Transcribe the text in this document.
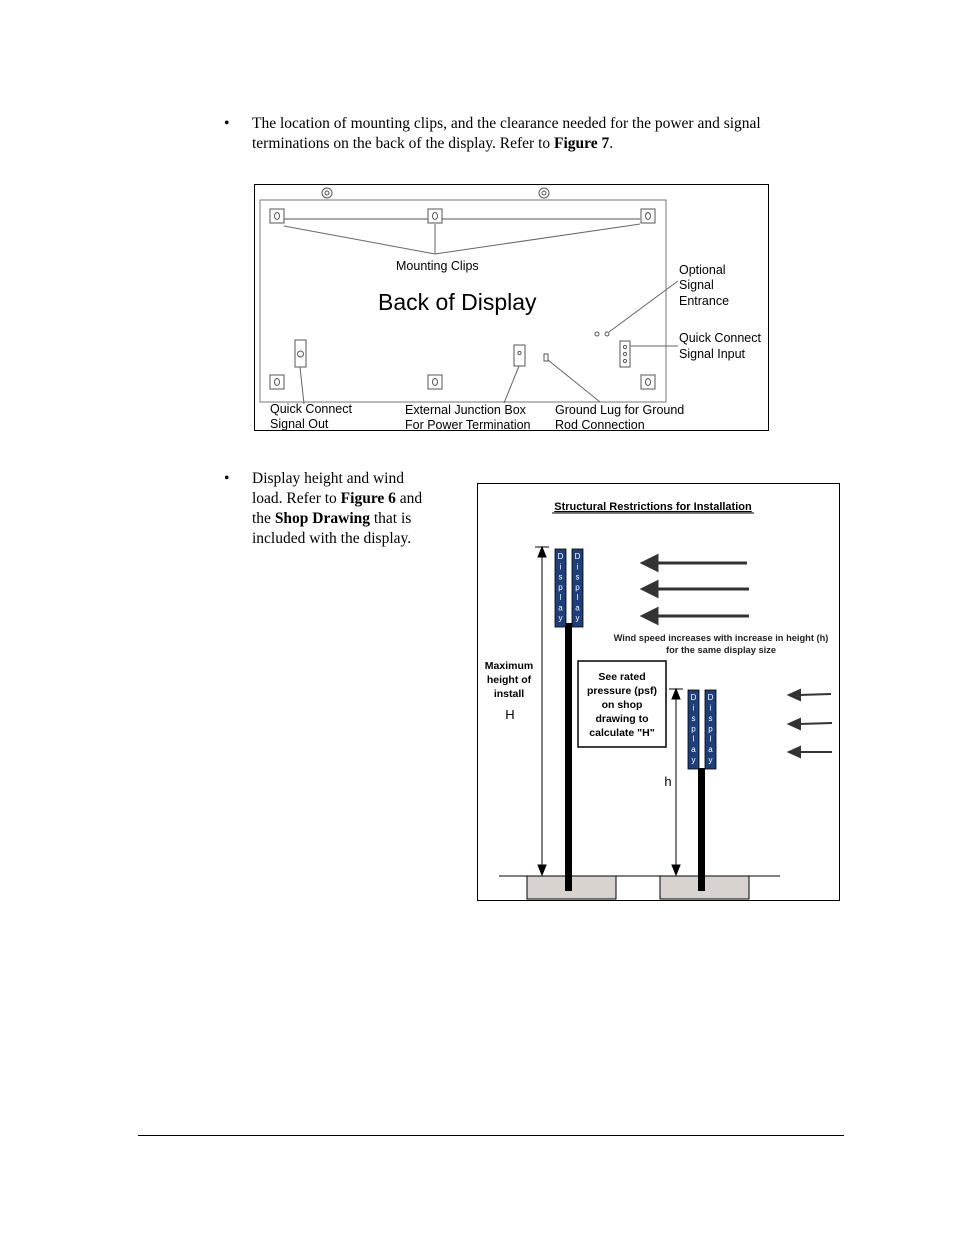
• The location of mounting clips, and the clearance needed for the power and signal
terminations on the back of the display. Refer to Figure 7.
Mounting Clips
Back of Display
Optional
Signal
Entrance
Quick Connect
Signal Input
Quick Connect
Signal Out
External Junction Box
For Power Termination
Ground Lug for Ground
Rod Connection
• Display height and wind
load. Refer to Figure 6 and
the Shop Drawing that is
included with the display.
Structural Restrictions for Installation
D
i
s
p
l
a
y
D
i
s
p
l
a
y
D
i
s
p
l
a
y
D
i
s
p
l
a
y
Maximum
height of
install
H
h
See rated
pressure (psf)
on shop
drawing to
calculate "H"
Wind speed increases with increase in height (h)
for the same display size
